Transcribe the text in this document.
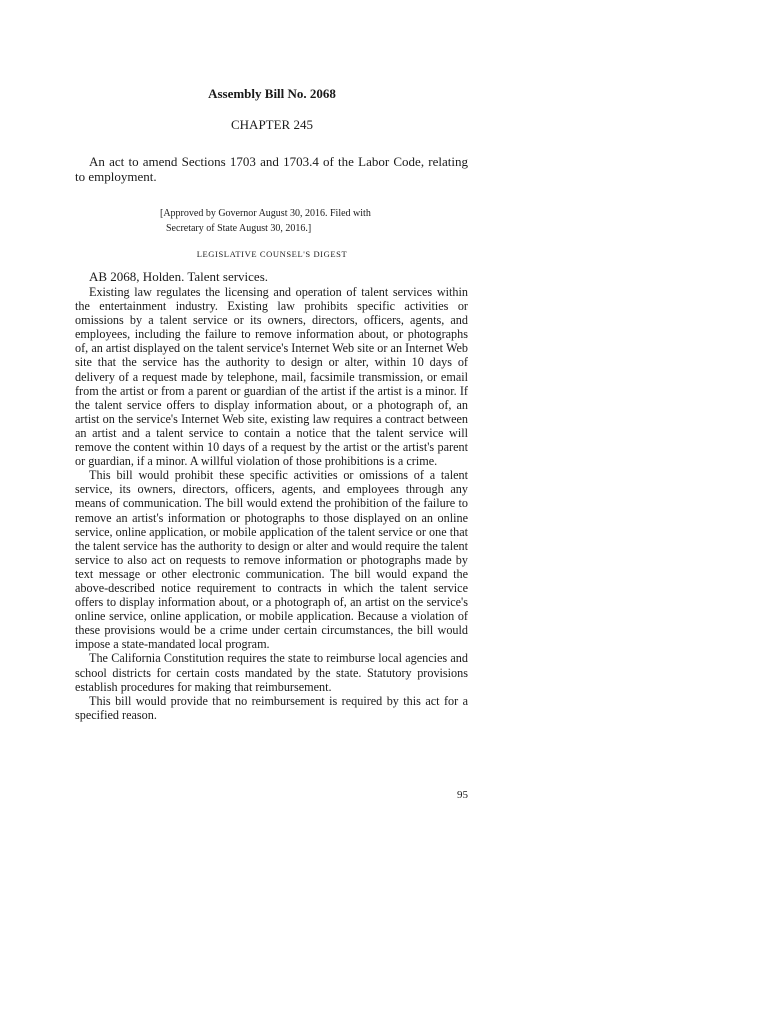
Assembly Bill No. 2068
CHAPTER 245

An act to amend Sections 1703 and 1703.4 of the Labor Code, relating to employment.

[Approved by Governor August 30, 2016. Filed with
Secretary of State August 30, 2016.]

LEGISLATIVE COUNSEL'S DIGEST

AB 2068, Holden. Talent services.

Existing law regulates the licensing and operation of talent services within the entertainment industry. Existing law prohibits specific activities or omissions by a talent service or its owners, directors, officers, agents, and employees, including the failure to remove information about, or photographs of, an artist displayed on the talent service's Internet Web site or an Internet Web site that the service has the authority to design or alter, within 10 days of delivery of a request made by telephone, mail, facsimile transmission, or email from the artist or from a parent or guardian of the artist if the artist is a minor. If the talent service offers to display information about, or a photograph of, an artist on the service's Internet Web site, existing law requires a contract between an artist and a talent service to contain a notice that the talent service will remove the content within 10 days of a request by the artist or the artist's parent or guardian, if a minor. A willful violation of those prohibitions is a crime.

This bill would prohibit these specific activities or omissions of a talent service, its owners, directors, officers, agents, and employees through any means of communication. The bill would extend the prohibition of the failure to remove an artist's information or photographs to those displayed on an online service, online application, or mobile application of the talent service or one that the talent service has the authority to design or alter and would require the talent service to also act on requests to remove information or photographs made by text message or other electronic communication. The bill would expand the above-described notice requirement to contracts in which the talent service offers to display information about, or a photograph of, an artist on the service's online service, online application, or mobile application. Because a violation of these provisions would be a crime under certain circumstances, the bill would impose a state-mandated local program.

The California Constitution requires the state to reimburse local agencies and school districts for certain costs mandated by the state. Statutory provisions establish procedures for making that reimbursement.

This bill would provide that no reimbursement is required by this act for a specified reason.

95
